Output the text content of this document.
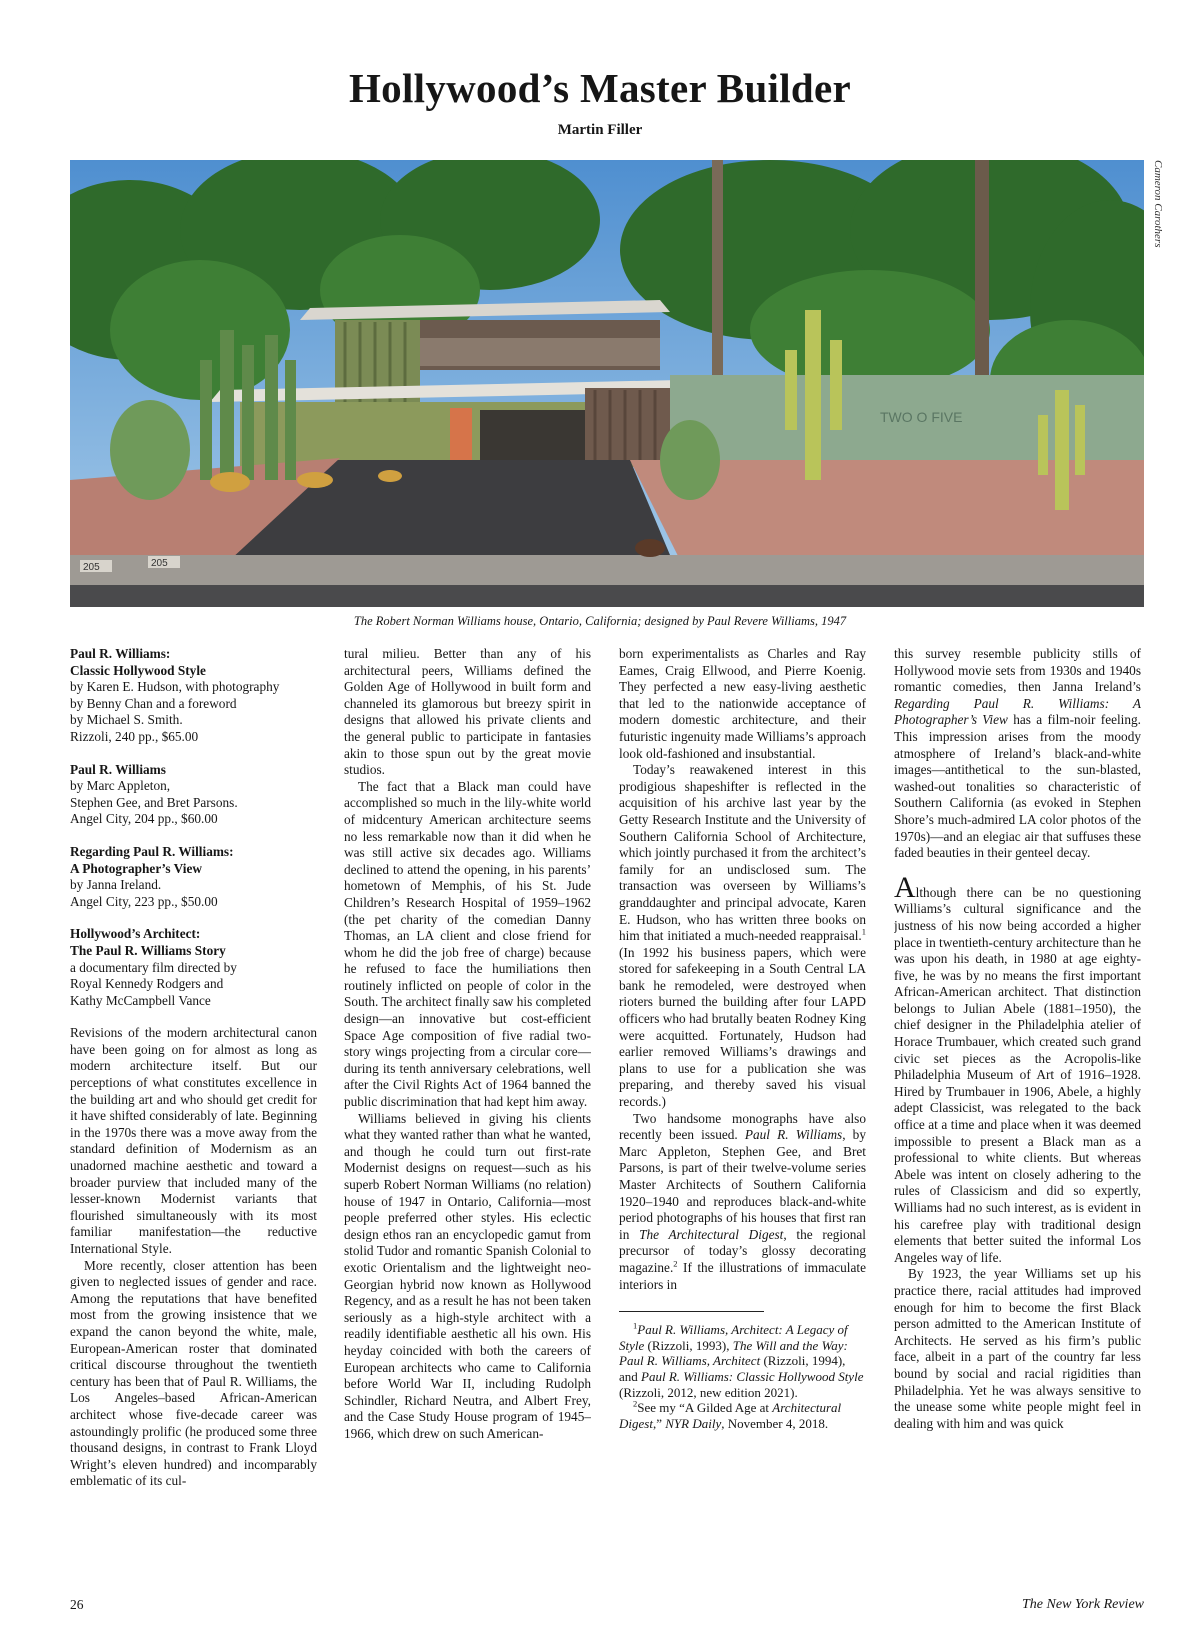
Hollywood’s Master Builder
Martin Filler
TWO O FIVE
205	205
Cameron Carothers
The Robert Norman Williams house, Ontario, California; designed by Paul Revere Williams, 1947
Paul R. Williams:
Classic Hollywood Style
by Karen E. Hudson, with photography
by Benny Chan and a foreword
by Michael S. Smith.
Rizzoli, 240 pp., $65.00
Paul R. Williams
by Marc Appleton,
Stephen Gee, and Bret Parsons.
Angel City, 204 pp., $60.00
Regarding Paul R. Williams:
A Photographer’s View
by Janna Ireland.
Angel City, 223 pp., $50.00
Hollywood’s Architect:
The Paul R. Williams Story
a documentary film directed by
Royal Kennedy Rodgers and
Kathy McCampbell Vance

Revisions of the modern architectural canon have been going on for almost as long as modern architecture itself. But our perceptions of what constitutes excellence in the building art and who should get credit for it have shifted considerably of late. Beginning in the 1970s there was a move away from the standard definition of Modernism as an unadorned machine aesthetic and toward a broader purview that included many of the lesser-known Modernist variants that flourished simultaneously with its most familiar manifestation—the reductive International Style.

More recently, closer attention has been given to neglected issues of gender and race. Among the reputations that have benefited most from the growing insistence that we expand the canon beyond the white, male, European-American roster that dominated critical discourse throughout the twentieth century has been that of Paul R. Williams, the Los Angeles–based African-American architect whose five-decade career was astoundingly prolific (he produced some three thousand designs, in contrast to Frank Lloyd Wright’s eleven hundred) and incomparably emblematic of its cul-

tural milieu. Better than any of his architectural peers, Williams defined the Golden Age of Hollywood in built form and channeled its glamorous but breezy spirit in designs that allowed his private clients and the general public to participate in fantasies akin to those spun out by the great movie studios.

The fact that a Black man could have accomplished so much in the lily-white world of midcentury American architecture seems no less remarkable now than it did when he was still active six decades ago. Williams declined to attend the opening, in his parents’ hometown of Memphis, of his St. Jude Children’s Research Hospital of 1959–1962 (the pet charity of the comedian Danny Thomas, an LA client and close friend for whom he did the job free of charge) because he refused to face the humiliations then routinely inflicted on people of color in the South. The architect finally saw his completed design—an innovative but cost-efficient Space Age composition of five radial two-story wings projecting from a circular core—during its tenth anniversary celebrations, well after the Civil Rights Act of 1964 banned the public discrimination that had kept him away.

Williams believed in giving his clients what they wanted rather than what he wanted, and though he could turn out first-rate Modernist designs on request—such as his superb Robert Norman Williams (no relation) house of 1947 in Ontario, California—most people preferred other styles. His eclectic design ethos ran an encyclopedic gamut from stolid Tudor and romantic Spanish Colonial to exotic Orientalism and the lightweight neo-Georgian hybrid now known as Hollywood Regency, and as a result he has not been taken seriously as a high-style architect with a readily identifiable aesthetic all his own. His heyday coincided with both the careers of European architects who came to California before World War II, including Rudolph Schindler, Richard Neutra, and Albert Frey, and the Case Study House program of 1945–1966, which drew on such American-

born experimentalists as Charles and Ray Eames, Craig Ellwood, and Pierre Koenig. They perfected a new easy-living aesthetic that led to the nationwide acceptance of modern domestic architecture, and their futuristic ingenuity made Williams’s approach look old-fashioned and insubstantial.

Today’s reawakened interest in this prodigious shapeshifter is reflected in the acquisition of his archive last year by the Getty Research Institute and the University of Southern California School of Architecture, which jointly purchased it from the architect’s family for an undisclosed sum. The transaction was overseen by Williams’s granddaughter and principal advocate, Karen E. Hudson, who has written three books on him that initiated a much-needed reappraisal.$^1$ (In 1992 his business papers, which were stored for safekeeping in a South Central LA bank he remodeled, were destroyed when rioters burned the building after four LAPD officers who had brutally beaten Rodney King were acquitted. Fortunately, Hudson had earlier removed Williams’s drawings and plans to use for a publication she was preparing, and thereby saved his visual records.)

Two handsome monographs have also recently been issued. Paul R. Williams, by Marc Appleton, Stephen Gee, and Bret Parsons, is part of their twelve-volume series Master Architects of Southern California 1920–1940 and reproduces black-and-white period photographs of his houses that first ran in The Architectural Digest, the regional precursor of today’s glossy decorating magazine.$^2$ If the illustrations of immaculate interiors in

$^1$Paul R. Williams, Architect: A Legacy of Style (Rizzoli, 1993), The Will and the Way: Paul R. Williams, Architect (Rizzoli, 1994), and Paul R. Williams: Classic Hollywood Style (Rizzoli, 2012, new edition 2021).

$^2$See my “A Gilded Age at Architectural Digest,” NYR Daily, November 4, 2018.

this survey resemble publicity stills of Hollywood movie sets from 1930s and 1940s romantic comedies, then Janna Ireland’s Regarding Paul R. Williams: A Photographer’s View has a film-noir feeling. This impression arises from the moody atmosphere of Ireland’s black-and-white images—antithetical to the sun-blasted, washed-out tonalities so characteristic of Southern California (as evoked in Stephen Shore’s much-admired LA color photos of the 1970s)—and an elegiac air that suffuses these faded beauties in their genteel decay.

Although there can be no questioning Williams’s cultural significance and the justness of his now being accorded a higher place in twentieth-century architecture than he was upon his death, in 1980 at age eighty-five, he was by no means the first important African-American architect. That distinction belongs to Julian Abele (1881–1950), the chief designer in the Philadelphia atelier of Horace Trumbauer, which created such grand civic set pieces as the Acropolis-like Philadelphia Museum of Art of 1916–1928. Hired by Trumbauer in 1906, Abele, a highly adept Classicist, was relegated to the back office at a time and place when it was deemed impossible to present a Black man as a professional to white clients. But whereas Abele was intent on closely adhering to the rules of Classicism and did so expertly, Williams had no such interest, as is evident in his carefree play with traditional design elements that better suited the informal Los Angeles way of life.

By 1923, the year Williams set up his practice there, racial attitudes had improved enough for him to become the first Black person admitted to the American Institute of Architects. He served as his firm’s public face, albeit in a part of the country far less bound by social and racial rigidities than Philadelphia. Yet he was always sensitive to the unease some white people might feel in dealing with him and was quick

26	The New York Review
